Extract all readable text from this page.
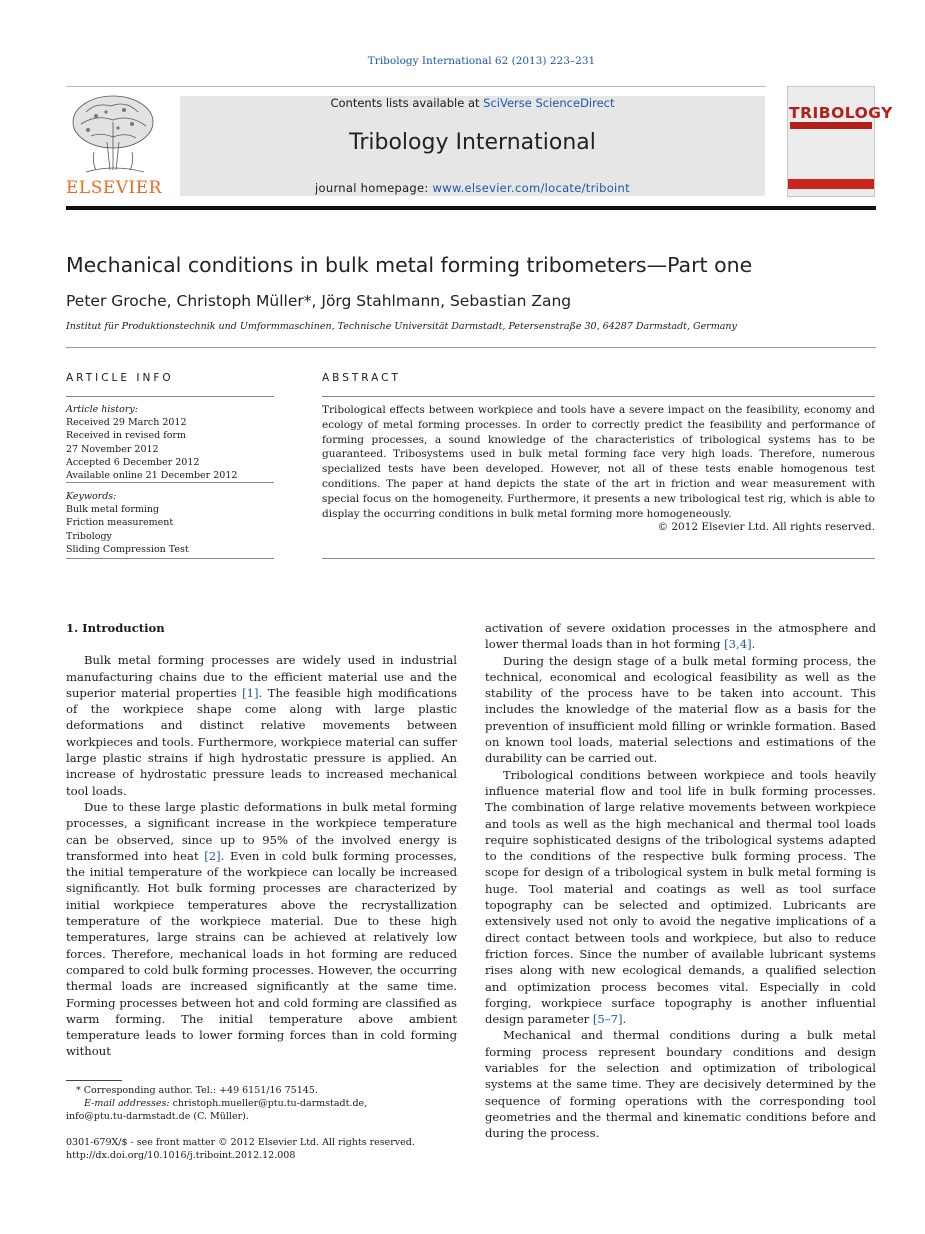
Tribology International 62 (2013) 223–231
ELSEVIER
Contents lists available at SciVerse ScienceDirect
Tribology International
journal homepage: www.elsevier.com/locate/triboint
TRIBOLOGY
Mechanical conditions in bulk metal forming tribometers—Part one
Peter Groche, Christoph Müller*, Jörg Stahlmann, Sebastian Zang
Institut für Produktionstechnik und Umformmaschinen, Technische Universität Darmstadt, Petersenstraße 30, 64287 Darmstadt, Germany
ARTICLE INFO	ABSTRACT
Article history:
Received 29 March 2012
Received in revised form
27 November 2012
Accepted 6 December 2012
Available online 21 December 2012
Keywords:
Bulk metal forming
Friction measurement
Tribology
Sliding Compression Test
Tribological effects between workpiece and tools have a severe impact on the feasibility, economy and ecology of metal forming processes. In order to correctly predict the feasibility and performance of forming processes, a sound knowledge of the characteristics of tribological systems has to be guaranteed. Tribosystems used in bulk metal forming face very high loads. Therefore, numerous specialized tests have been developed. However, not all of these tests enable homogenous test conditions. The paper at hand depicts the state of the art in friction and wear measurement with special focus on the homogeneity. Furthermore, it presents a new tribological test rig, which is able to display the occurring conditions in bulk metal forming more homogeneously.
© 2012 Elsevier Ltd. All rights reserved.
1. Introduction

Bulk metal forming processes are widely used in industrial manufacturing chains due to the efficient material use and the superior material properties [1]. The feasible high modifications of the workpiece shape come along with large plastic deformations and distinct relative movements between workpieces and tools. Furthermore, workpiece material can suffer large plastic strains if high hydrostatic pressure is applied. An increase of hydrostatic pressure leads to increased mechanical tool loads.

Due to these large plastic deformations in bulk metal forming processes, a significant increase in the workpiece temperature can be observed, since up to 95% of the involved energy is transformed into heat [2]. Even in cold bulk forming processes, the initial temperature of the workpiece can locally be increased significantly. Hot bulk forming processes are characterized by initial workpiece temperatures above the recrystallization temperature of the workpiece material. Due to these high temperatures, large strains can be achieved at relatively low forces. Therefore, mechanical loads in hot forming are reduced compared to cold bulk forming processes. However, the occurring thermal loads are increased significantly at the same time. Forming processes between hot and cold forming are classified as warm forming. The initial temperature above ambient temperature leads to lower forming forces than in cold forming without

activation of severe oxidation processes in the atmosphere and lower thermal loads than in hot forming [3,4].

During the design stage of a bulk metal forming process, the technical, economical and ecological feasibility as well as the stability of the process have to be taken into account. This includes the knowledge of the material flow as a basis for the prevention of insufficient mold filling or wrinkle formation. Based on known tool loads, material selections and estimations of the durability can be carried out.

Tribological conditions between workpiece and tools heavily influence material flow and tool life in bulk forming processes. The combination of large relative movements between workpiece and tools as well as the high mechanical and thermal tool loads require sophisticated designs of the tribological systems adapted to the conditions of the respective bulk forming process. The scope for design of a tribological system in bulk metal forming is huge. Tool material and coatings as well as tool surface topography can be selected and optimized. Lubricants are extensively used not only to avoid the negative implications of a direct contact between tools and workpiece, but also to reduce friction forces. Since the number of available lubricant systems rises along with new ecological demands, a qualified selection and optimization process becomes vital. Especially in cold forging, workpiece surface topography is another influential design parameter [5–7].

Mechanical and thermal conditions during a bulk metal forming process represent boundary conditions and design variables for the selection and optimization of tribological systems at the same time. They are decisively determined by the sequence of forming operations with the corresponding tool geometries and the thermal and kinematic conditions before and during the process.

* Corresponding author. Tel.: +49 6151/16 75145.
E-mail addresses: christoph.mueller@ptu.tu-darmstadt.de,
info@ptu.tu-darmstadt.de (C. Müller).
0301-679X/$ - see front matter © 2012 Elsevier Ltd. All rights reserved.
http://dx.doi.org/10.1016/j.triboint.2012.12.008
